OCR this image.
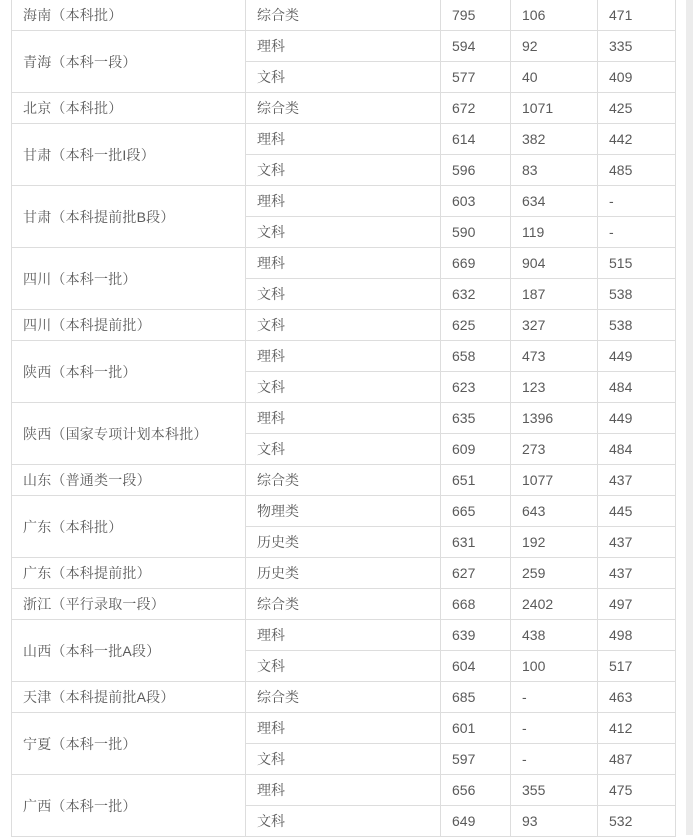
海南（本科批）	综合类	795	106	471
青海（本科一段）	理科	594	92	335
	文科	577	40	409
北京（本科批）	综合类	672	1071	425
甘肃（本科一批I段）	理科	614	382	442
	文科	596	83	485
甘肃（本科提前批B段）	理科	603	634	-
	文科	590	119	-
四川（本科一批）	理科	669	904	515
	文科	632	187	538
四川（本科提前批）	文科	625	327	538
陕西（本科一批）	理科	658	473	449
	文科	623	123	484
陕西（国家专项计划本科批）	理科	635	1396	449
	文科	609	273	484
山东（普通类一段）	综合类	651	1077	437
广东（本科批）	物理类	665	643	445
	历史类	631	192	437
广东（本科提前批）	历史类	627	259	437
浙江（平行录取一段）	综合类	668	2402	497
山西（本科一批A段）	理科	639	438	498
	文科	604	100	517
天津（本科提前批A段）	综合类	685	-	463
宁夏（本科一批）	理科	601	-	412
	文科	597	-	487
广西（本科一批）	理科	656	355	475
	文科	649	93	532
